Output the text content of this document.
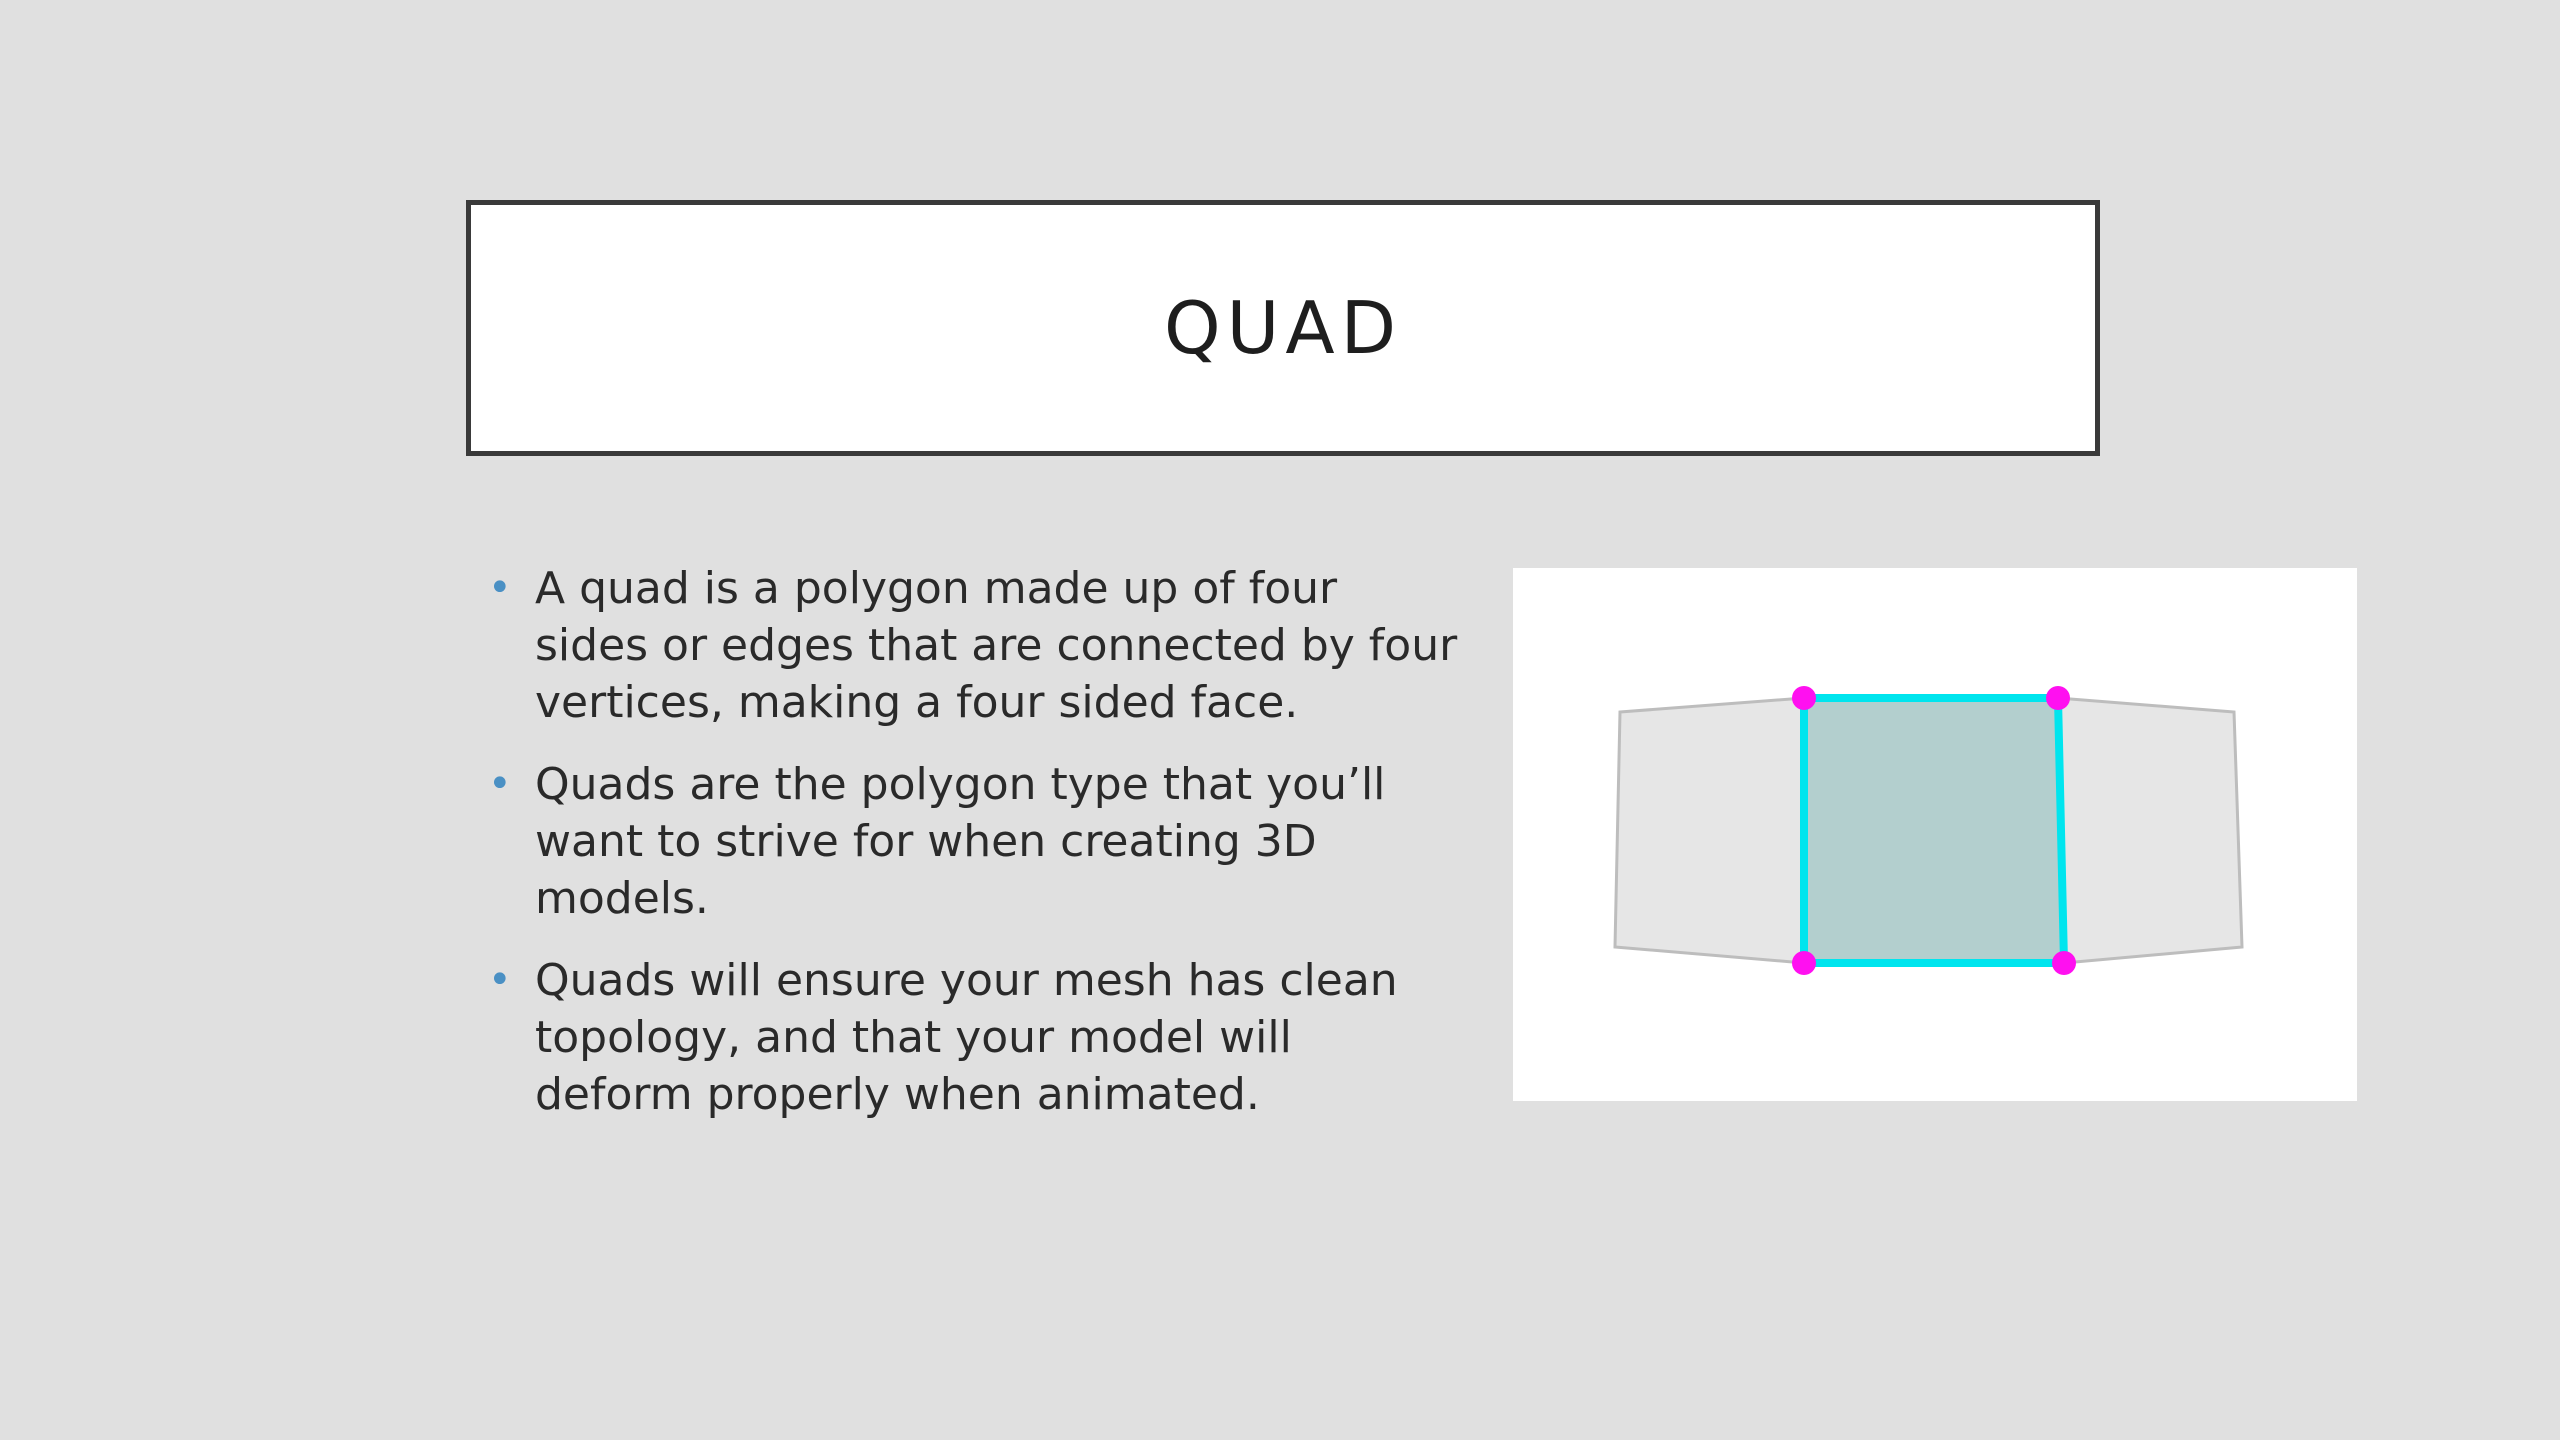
QUAD
• A quad is a polygon made up of four sides or edges that are connected by four vertices, making a four sided face.
• Quads are the polygon type that you’ll want to strive for when creating 3D models.
• Quads will ensure your mesh has clean topology, and that your model will deform properly when animated.
